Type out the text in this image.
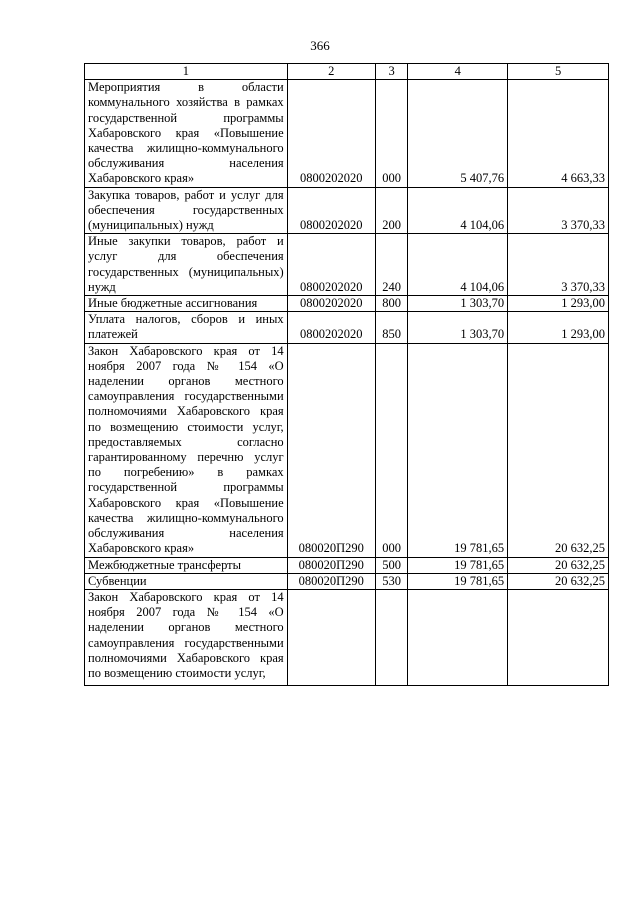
366
1	2	3	4	5
Мероприятия в области коммунального хозяйства в рамках государственной программы Хабаровского края «Повышение качества жилищно-коммунального обслуживания населения Хабаровского края»	0800202020	000	5 407,76	4 663,33
Закупка товаров, работ и услуг для обеспечения государственных (муниципальных) нужд	0800202020	200	4 104,06	3 370,33
Иные закупки товаров, работ и услуг для обеспечения государственных (муниципальных) нужд	0800202020	240	4 104,06	3 370,33
Иные бюджетные ассигнования	0800202020	800	1 303,70	1 293,00
Уплата налогов, сборов и иных платежей	0800202020	850	1 303,70	1 293,00
Закон Хабаровского края от 14 ноября 2007 года № 154 «О наделении органов местного самоуправления государственными полномочиями Хабаровского края по возмещению стоимости услуг, предоставляемых согласно гарантированному перечню услуг по погребению» в рамках государственной программы Хабаровского края «Повышение качества жилищно-коммунального обслуживания населения Хабаровского края»	080020П290	000	19 781,65	20 632,25
Межбюджетные трансферты	080020П290	500	19 781,65	20 632,25
Субвенции	080020П290	530	19 781,65	20 632,25
Закон Хабаровского края от 14 ноября 2007 года № 154 «О наделении органов местного самоуправления государственными полномочиями Хабаровского края по возмещению стоимости услуг,				
